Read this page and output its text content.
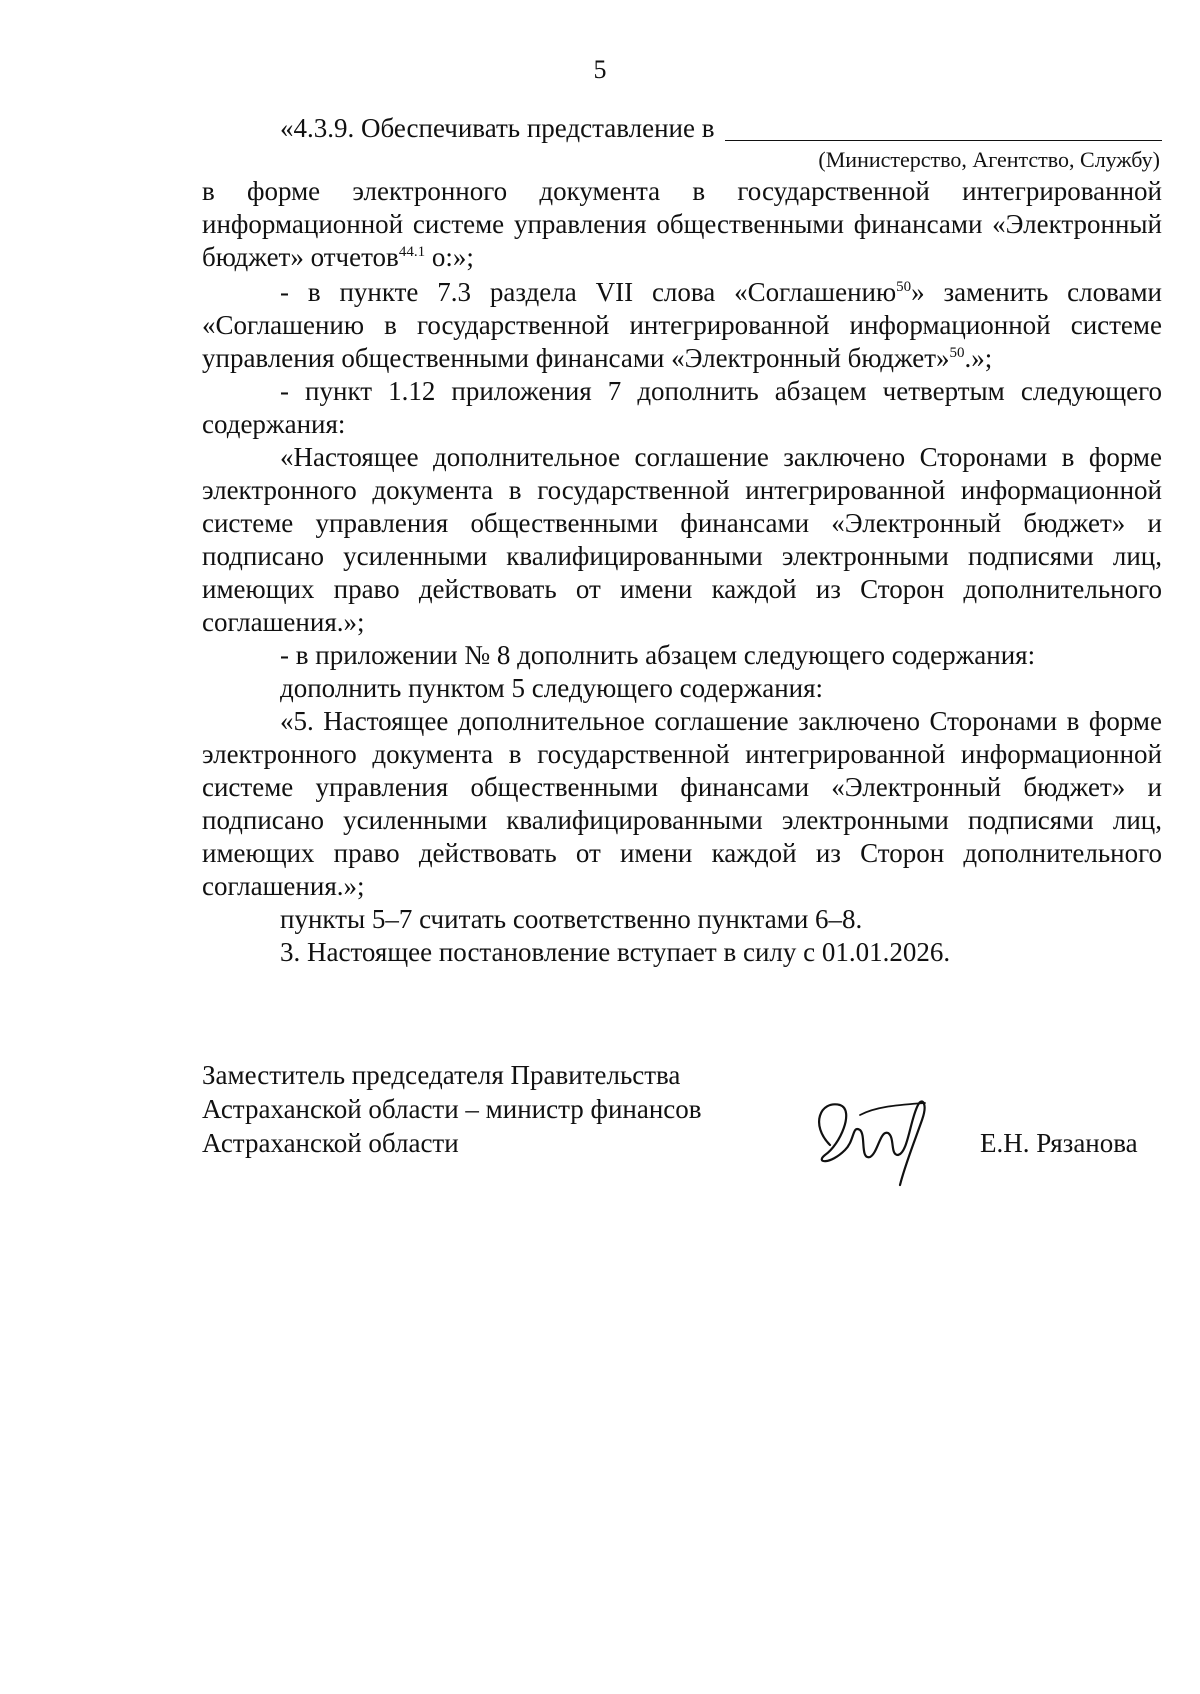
5
«4.3.9. Обеспечивать представление в
(Министерство, Агентство, Службу)

в форме электронного документа в государственной интегрированной информационной системе управления общественными финансами «Электронный бюджет» отчетов$^{44.1}$ о:»;

- в пункте 7.3 раздела VII слова «Соглашению$^{50}$» заменить словами «Соглашению в государственной интегрированной информационной системе управления общественными финансами «Электронный бюджет»$^{50}$.»;

- пункт 1.12 приложения 7 дополнить абзацем четвертым следующего содержания:

«Настоящее дополнительное соглашение заключено Сторонами в форме электронного документа в государственной интегрированной информационной системе управления общественными финансами «Электронный бюджет» и подписано усиленными квалифицированными электронными подписями лиц, имеющих право действовать от имени каждой из Сторон дополнительного соглашения.»;

- в приложении № 8 дополнить абзацем следующего содержания:

дополнить пунктом 5 следующего содержания:

«5. Настоящее дополнительное соглашение заключено Сторонами в форме электронного документа в государственной интегрированной информационной системе управления общественными финансами «Электронный бюджет» и подписано усиленными квалифицированными электронными подписями лиц, имеющих право действовать от имени каждой из Сторон дополнительного соглашения.»;

пункты 5–7 считать соответственно пунктами 6–8.

3. Настоящее постановление вступает в силу с 01.01.2026.

Заместитель председателя Правительства
Астраханской области – министр финансов
Астраханской области	Е.Н. Рязанова
